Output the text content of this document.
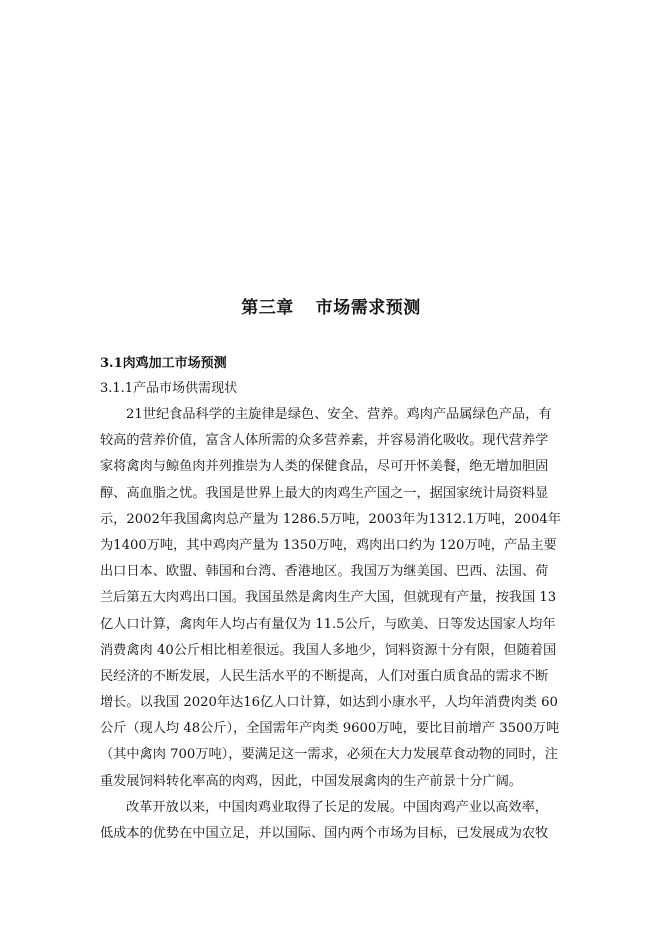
第三章 市场需求预测
3.1肉鸡加工市场预测
3.1.1产品市场供需现状
21世纪食品科学的主旋律是绿色、安全、营养。鸡肉产品属绿色产品，有
较高的营养价值，富含人体所需的众多营养素，并容易消化吸收。现代营养学
家将禽肉与鲸鱼肉并列推崇为人类的保健食品，尽可开怀美餐，绝无增加胆固
醇、高血脂之忧。我国是世界上最大的肉鸡生产国之一，据国家统计局资料显
示，2002年我国禽肉总产量为 1286.5万吨，2003年为1312.1万吨，2004年
为1400万吨，其中鸡肉产量为 1350万吨，鸡肉出口约为 120万吨，产品主要
出口日本、欧盟、韩国和台湾、香港地区。我国万为继美国、巴西、法国、荷
兰后第五大肉鸡出口国。我国虽然是禽肉生产大国，但就现有产量，按我国 13
亿人口计算，禽肉年人均占有量仅为 11.5公斤，与欧美、日等发达国家人均年
消费禽肉 40公斤相比相差很远。我国人多地少，饲料资源十分有限，但随着国
民经济的不断发展，人民生活水平的不断提高，人们对蛋白质食品的需求不断
增长。以我国 2020年达16亿人口计算，如达到小康水平，人均年消费肉类 60
公斤（现人均 48公斤），全国需年产肉类 9600万吨，要比目前增产 3500万吨
（其中禽肉 700万吨），要满足这一需求，必须在大力发展草食动物的同时，注
重发展饲料转化率高的肉鸡，因此，中国发展禽肉的生产前景十分广阔。
改革开放以来，中国肉鸡业取得了长足的发展。中国肉鸡产业以高效率，
低成本的优势在中国立足，并以国际、国内两个市场为目标，已发展成为农牧
